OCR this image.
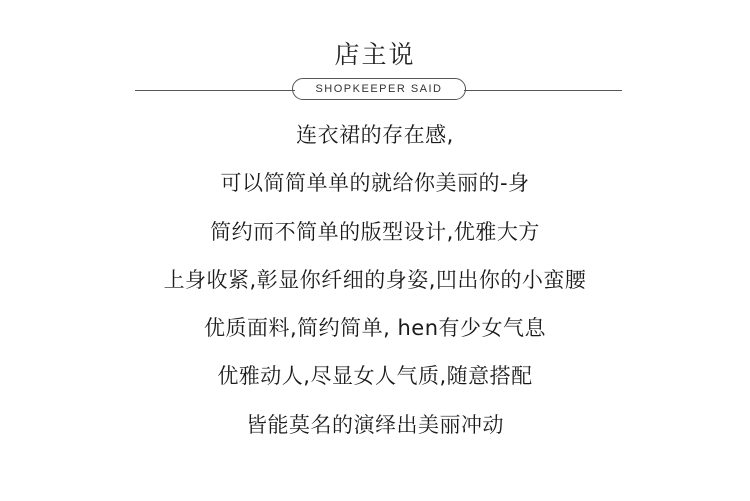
店主说
SHOPKEEPER SAID
连衣裙的存在感,
可以简简单单的就给你美丽的-身
简约而不简单的版型设计,优雅大方
上身收紧,彰显你纤细的身姿,凹出你的小蛮腰
优质面料,简约简单, hen有少女气息
优雅动人,尽显女人气质,随意搭配
皆能莫名的演绎出美丽冲动
